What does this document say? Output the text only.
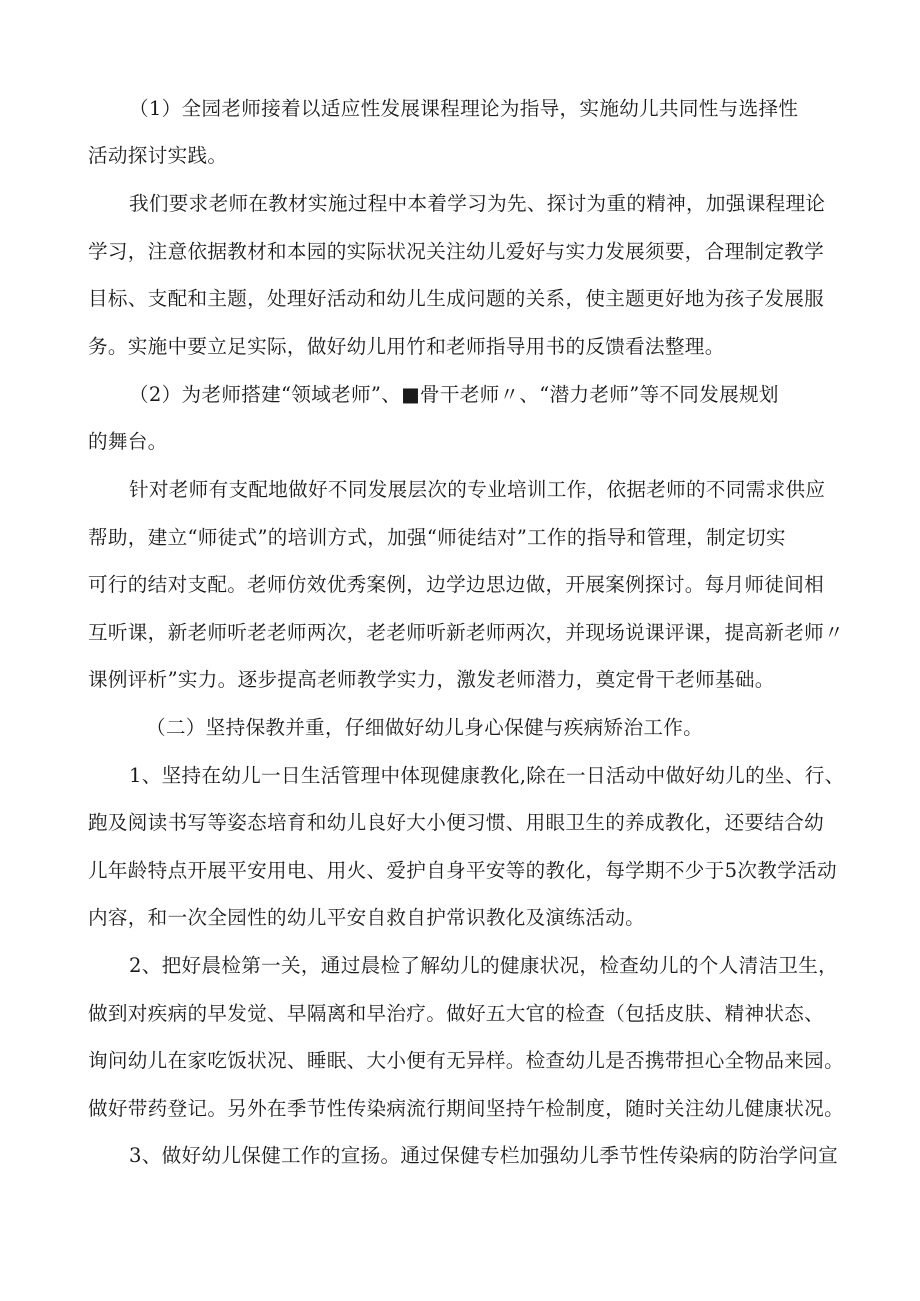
（1）全园老师接着以适应性发展课程理论为指导，实施幼儿共同性与选择性
活动探讨实践。
我们要求老师在教材实施过程中本着学习为先、探讨为重的精神，加强课程理论
学习，注意依据教材和本园的实际状况关注幼儿爱好与实力发展须要，合理制定教学
目标、支配和主题，处理好活动和幼儿生成问题的关系，使主题更好地为孩子发展服
务。实施中要立足实际，做好幼儿用竹和老师指导用书的反馈看法整理。
（2）为老师搭建“领域老师”、■骨干老师〃、“潜力老师”等不同发展规划
的舞台。
针对老师有支配地做好不同发展层次的专业培训工作，依据老师的不同需求供应
帮助，建立“师徒式”的培训方式，加强“师徒结对”工作的指导和管理，制定切实
可行的结对支配。老师仿效优秀案例，边学边思边做，开展案例探讨。每月师徒间相
互听课，新老师听老老师两次，老老师听新老师两次，并现场说课评课，提高新老师〃
课例评析”实力。逐步提高老师教学实力，激发老师潜力，奠定骨干老师基础。
（二）坚持保教并重，仔细做好幼儿身心保健与疾病矫治工作。
1、坚持在幼儿一日生活管理中体现健康教化,除在一日活动中做好幼儿的坐、行、
跑及阅读书写等姿态培育和幼儿良好大小便习惯、用眼卫生的养成教化，还要结合幼
儿年龄特点开展平安用电、用火、爱护自身平安等的教化，每学期不少于5次教学活动
内容，和一次全园性的幼儿平安自救自护常识教化及演练活动。
2、把好晨检第一关，通过晨检了解幼儿的健康状况，检查幼儿的个人清洁卫生，
做到对疾病的早发觉、早隔离和早治疗。做好五大官的检查（包括皮肤、精神状态、
询问幼儿在家吃饭状况、睡眠、大小便有无异样。检查幼儿是否携带担心全物品来园。
做好带药登记。另外在季节性传染病流行期间坚持午检制度，随时关注幼儿健康状况。
3、做好幼儿保健工作的宣扬。通过保健专栏加强幼儿季节性传染病的防治学问宣
